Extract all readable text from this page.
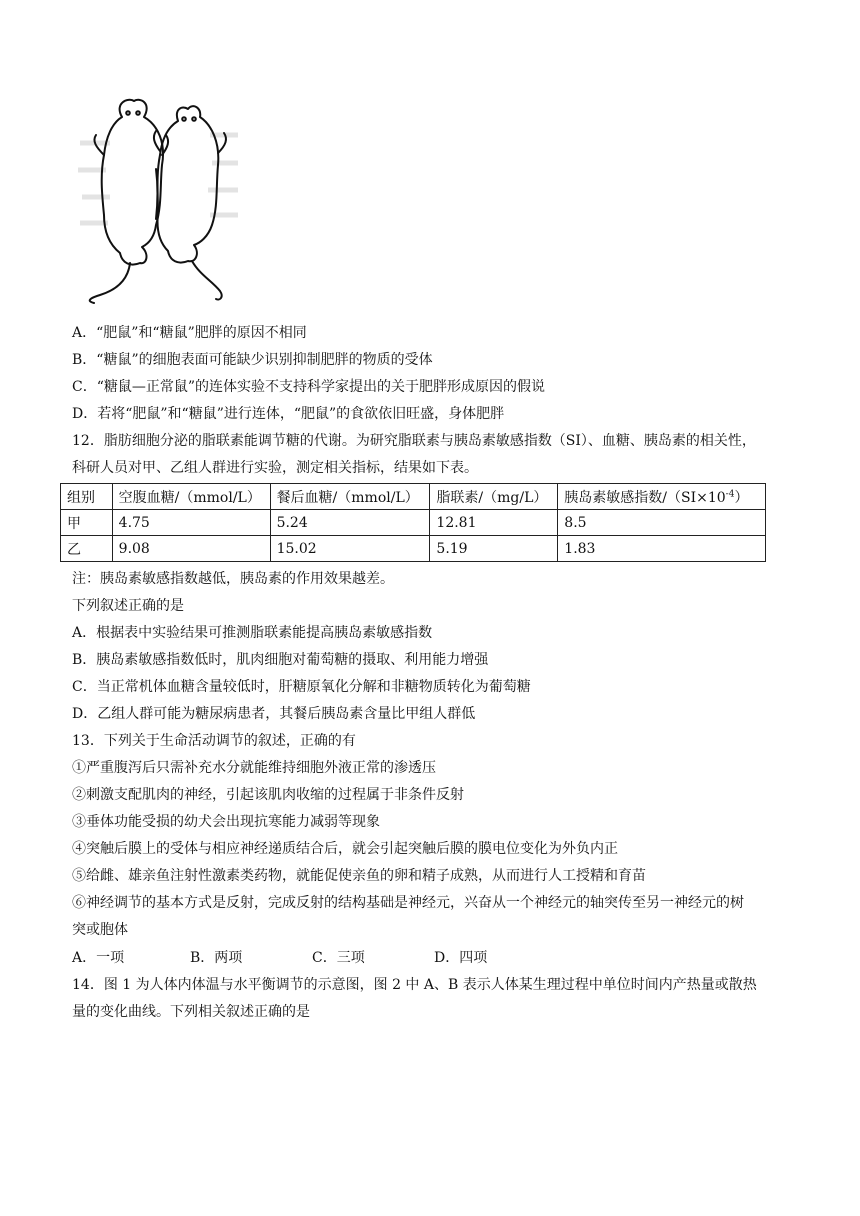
A．“肥鼠”和“糖鼠”肥胖的原因不相同
B．“糖鼠”的细胞表面可能缺少识别抑制肥胖的物质的受体
C．“糖鼠—正常鼠”的连体实验不支持科学家提出的关于肥胖形成原因的假说
D．若将“肥鼠”和“糖鼠”进行连体，“肥鼠”的食欲依旧旺盛，身体肥胖
12．脂肪细胞分泌的脂联素能调节糖的代谢。为研究脂联素与胰岛素敏感指数（SI）、血糖、胰岛素的相关性，
科研人员对甲、乙组人群进行实验，测定相关指标，结果如下表。
组别	空腹血糖/（mmol/L）	餐后血糖/（mmol/L）	脂联素/（mg/L）	胰岛素敏感指数$/(SI\times 10^{-4})$
甲	4.75	5.24	12.81	8.5
乙	9.08	15.02	5.19	1.83
注：胰岛素敏感指数越低，胰岛素的作用效果越差。
下列叙述正确的是
A．根据表中实验结果可推测脂联素能提高胰岛素敏感指数
B．胰岛素敏感指数低时，肌肉细胞对葡萄糖的摄取、利用能力增强
C．当正常机体血糖含量较低时，肝糖原氧化分解和非糖物质转化为葡萄糖
D．乙组人群可能为糖尿病患者，其餐后胰岛素含量比甲组人群低
13．下列关于生命活动调节的叙述，正确的有
①严重腹泻后只需补充水分就能维持细胞外液正常的渗透压
②刺激支配肌肉的神经，引起该肌肉收缩的过程属于非条件反射
③垂体功能受损的幼犬会出现抗寒能力减弱等现象
④突触后膜上的受体与相应神经递质结合后，就会引起突触后膜的膜电位变化为外负内正
⑤给雌、雄亲鱼注射性激素类药物，就能促使亲鱼的卵和精子成熟，从而进行人工授精和育苗
⑥神经调节的基本方式是反射，完成反射的结构基础是神经元，兴奋从一个神经元的轴突传至另一神经元的树
突或胞体
A．一项	B．两项	C．三项	D．四项
14．图 1 为人体内体温与水平衡调节的示意图，图 2 中 A、B 表示人体某生理过程中单位时间内产热量或散热
量的变化曲线。下列相关叙述正确的是
